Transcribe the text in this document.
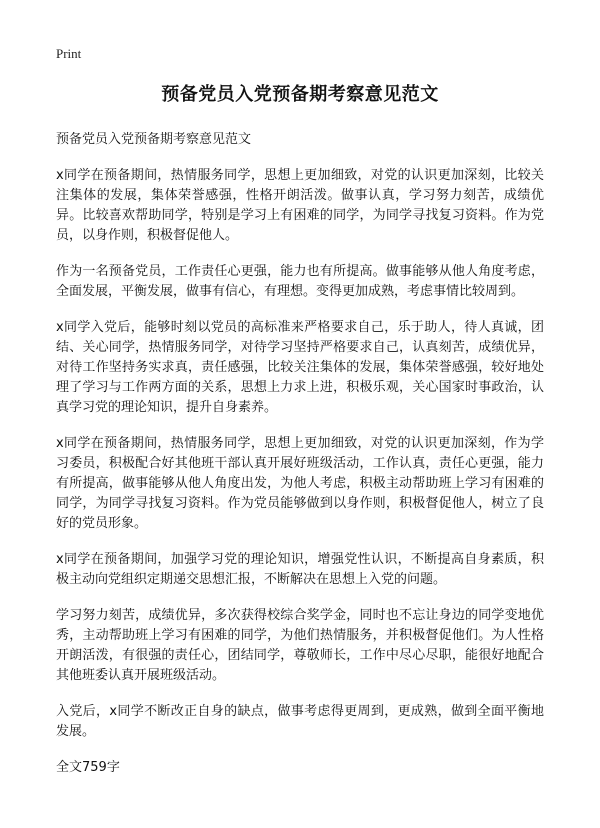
Print
预备党员入党预备期考察意见范文
预备党员入党预备期考察意见范文

x同学在预备期间，热情服务同学，思想上更加细致，对党的认识更加深刻，比较关注集体的发展，集体荣誉感强，性格开朗活泼。做事认真，学习努力刻苦，成绩优异。比较喜欢帮助同学，特别是学习上有困难的同学，为同学寻找复习资料。作为党员，以身作则，积极督促他人。

作为一名预备党员，工作责任心更强，能力也有所提高。做事能够从他人角度考虑，全面发展，平衡发展，做事有信心，有理想。变得更加成熟，考虑事情比较周到。

x同学入党后，能够时刻以党员的高标准来严格要求自己，乐于助人，待人真诚，团结、关心同学，热情服务同学，对待学习坚持严格要求自己，认真刻苦，成绩优异，对待工作坚持务实求真，责任感强，比较关注集体的发展，集体荣誉感强，较好地处理了学习与工作两方面的关系，思想上力求上进，积极乐观，关心国家时事政治，认真学习党的理论知识，提升自身素养。

x同学在预备期间，热情服务同学，思想上更加细致，对党的认识更加深刻，作为学习委员，积极配合好其他班干部认真开展好班级活动，工作认真，责任心更强，能力有所提高，做事能够从他人角度出发，为他人考虑，积极主动帮助班上学习有困难的同学，为同学寻找复习资料。作为党员能够做到以身作则，积极督促他人，树立了良好的党员形象。

x同学在预备期间，加强学习党的理论知识，增强党性认识，不断提高自身素质，积极主动向党组织定期递交思想汇报，不断解决在思想上入党的问题。

学习努力刻苦，成绩优异，多次获得校综合奖学金，同时也不忘让身边的同学变地优秀，主动帮助班上学习有困难的同学，为他们热情服务，并积极督促他们。为人性格开朗活泼，有很强的责任心，团结同学，尊敬师长，工作中尽心尽职，能很好地配合其他班委认真开展班级活动。

入党后，x同学不断改正自身的缺点，做事考虑得更周到，更成熟，做到全面平衡地发展。

全文759字
